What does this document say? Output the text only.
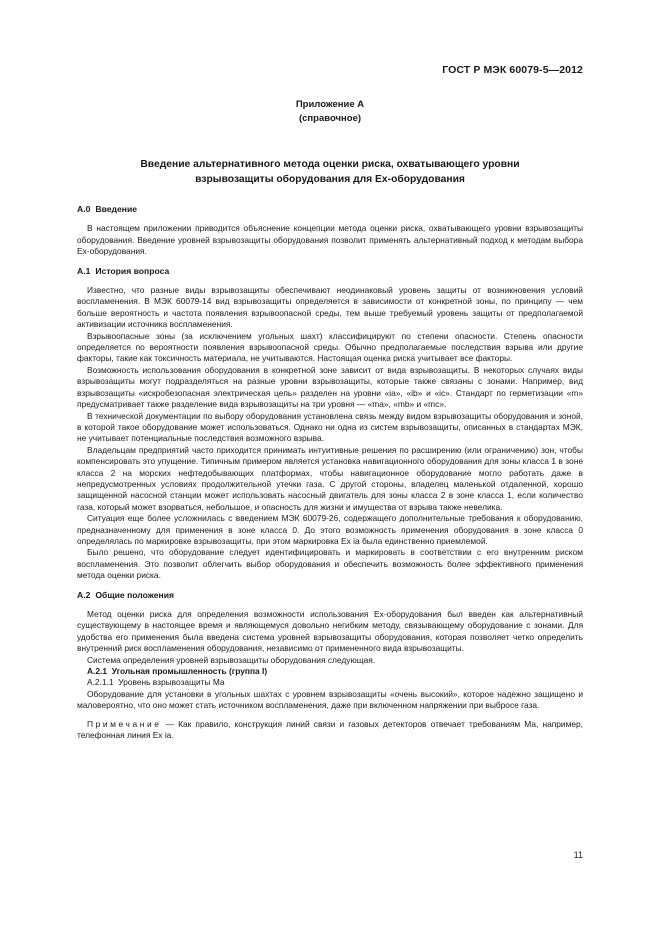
ГОСТ Р МЭК 60079-5—2012
Приложение А
(справочное)
Введение альтернативного метода оценки риска, охватывающего уровни
взрывозащиты оборудования для Ex-оборудования
А.0 Введение

В настоящем приложении приводится объяснение концепции метода оценки риска, охватывающего уровни взрывозащиты оборудования. Введение уровней взрывозащиты оборудования позволит применять альтернативный подход к методам выбора Ex-оборудования.

А.1 История вопроса

Известно, что разные виды взрывозащиты обеспечивают неодинаковый уровень защиты от возникновения условий воспламенения. В МЭК 60079-14 вид взрывозащиты определяется в зависимости от конкретной зоны, по принципу — чем больше вероятность и частота появления взрывоопасной среды, тем выше требуемый уровень защиты от предполагаемой активизации источника воспламенения.

Взрывоопасные зоны (за исключением угольных шахт) классифицируют по степени опасности. Степень опасности определяется по вероятности появления взрывоопасной среды. Обычно предполагаемые последствия взрыва или другие факторы, такие как токсичность материала, не учитываются. Настоящая оценка риска учитывает все факторы.

Возможность использования оборудования в конкретной зоне зависит от вида взрывозащиты. В некоторых случаях виды взрывозащиты могут подразделяться на разные уровни взрывозащиты, которые также связаны с зонами. Например, вид взрывозащиты «искробезопасная электрическая цепь» разделен на уровни «ia», «ib» и «ic». Стандарт по герметизации «m» предусматривает также разделение вида взрывозащиты на три уровня — «ma», «mb» и «mc».

В технической документации по выбору оборудования установлена связь между видом взрывозащиты оборудования и зоной, в которой такое оборудование может использоваться. Однако ни одна из систем взрывозащиты, описанных в стандартах МЭК, не учитывает потенциальные последствия возможного взрыва.

Владельцам предприятий часто приходится принимать интуитивные решения по расширению (или ограничению) зон, чтобы компенсировать это упущение. Типичным примером является установка навигационного оборудования для зоны класса 1 в зоне класса 2 на морских нефтедобывающих платформах, чтобы навигационное оборудование могло работать даже в непредусмотренных условиях продолжительной утечки газа. С другой стороны, владелец маленькой отдаленной, хорошо защищенной насосной станции может использовать насосный двигатель для зоны класса 2 в зоне класса 1, если количество газа, который может взорваться, небольшое, и опасность для жизни и имущества от взрыва также невелика.

Ситуация еще более усложнилась с введением МЭК 60079-26, содержащего дополнительные требования к оборудованию, предназначенному для применения в зоне класса 0. До этого возможность применения оборудования в зоне класса 0 определялась по маркировке взрывозащиты, при этом маркировка Ex ia была единственно приемлемой.

Было решено, что оборудование следует идентифицировать и маркировать в соответствии с его внутренним риском воспламенения. Это позволит облегчить выбор оборудования и обеспечить возможность более эффективного применения метода оценки риска.

А.2 Общие положения

Метод оценки риска для определения возможности использования Ex-оборудования был введен как альтернативный существующему в настоящее время и являющемуся довольно негибким методу, связывающему оборудование с зонами. Для удобства его применения была введена система уровней взрывозащиты оборудования, которая позволяет четко определить внутренний риск воспламенения оборудования, независимо от примененного вида взрывозащиты.

Система определения уровней взрывозащиты оборудования следующая.

А.2.1 Угольная промышленность (группа I)
А.2.1.1 Уровень взрывозащиты Ма

Оборудование для установки в угольных шахтах с уровнем взрывозащиты «очень высокий», которое надежно защищено и маловероятно, что оно может стать источником воспламенения, даже при включенном напряжении при выбросе газа.

Примечание — Как правило, конструкция линий связи и газовых детекторов отвечает требованиям Ма, например, телефонная линия Ex ia.

11
